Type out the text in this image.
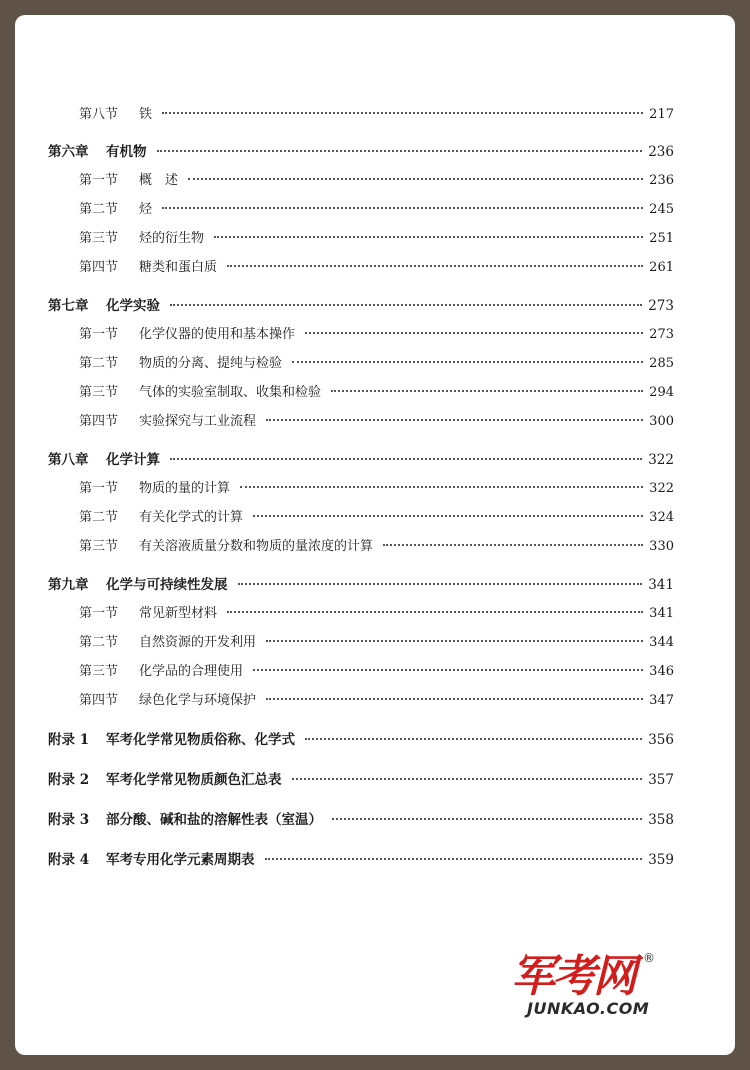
第八节	铁	217
第六章	有机物	236
第一节	概　述	236
第二节	烃	245
第三节	烃的衍生物	251
第四节	糖类和蛋白质	261
第七章	化学实验	273
第一节	化学仪器的使用和基本操作	273
第二节	物质的分离、提纯与检验	285
第三节	气体的实验室制取、收集和检验	294
第四节	实验探究与工业流程	300
第八章	化学计算	322
第一节	物质的量的计算	322
第二节	有关化学式的计算	324
第三节	有关溶液质量分数和物质的量浓度的计算	330
第九章	化学与可持续性发展	341
第一节	常见新型材料	341
第二节	自然资源的开发利用	344
第三节	化学品的合理使用	346
第四节	绿色化学与环境保护	347
附录 1	军考化学常见物质俗称、化学式	356
附录 2	军考化学常见物质颜色汇总表	357
附录 3	部分酸、碱和盐的溶解性表（室温）	358
附录 4	军考专用化学元素周期表	359
军考网 ®
JUNKAO.COM
